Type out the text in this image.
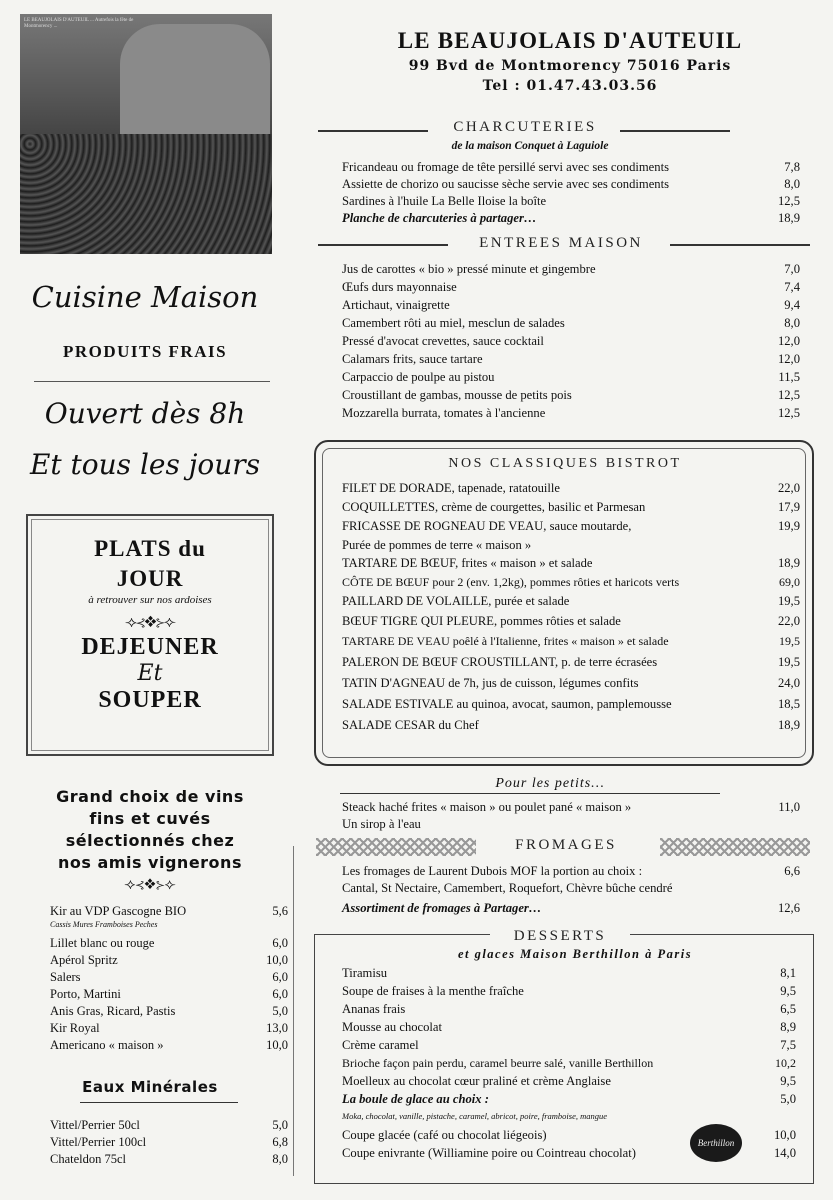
LE BEAUJOLAIS D'AUTEUIL ... Autrefois la fête de Montmorency ...
Cuisine Maison
PRODUITS FRAIS
Ouvert dès 8h
Et tous les jours
PLATS du
JOUR
à retrouver sur nos ardoises
⟢⊰❖⊱⟣
DEJEUNER
Et
SOUPER
Grand choix de vins
fins et cuvés
sélectionnés chez
nos amis vignerons
⟢⊰❖⊱⟣
Kir au VDP Gascogne BIO	5,6
Cassis Mures Framboises Peches
Lillet blanc ou rouge	6,0
Apérol Spritz	10,0
Salers	6,0
Porto, Martini	6,0
Anis Gras, Ricard, Pastis	5,0
Kir Royal	13,0
Americano « maison »	10,0
Eaux Minérales
Vittel/Perrier 50cl	5,0
Vittel/Perrier 100cl	6,8
Chateldon 75cl	8,0
LE BEAUJOLAIS D'AUTEUIL
99 Bvd de Montmorency 75016 Paris
Tel : 01.47.43.03.56
CHARCUTERIES
de la maison Conquet à Laguiole
Fricandeau ou fromage de tête persillé servi avec ses condiments	7,8
Assiette de chorizo ou saucisse sèche servie avec ses condiments	8,0
Sardines à l'huile La Belle Iloise la boîte	12,5
Planche de charcuteries à partager…	18,9
ENTREES MAISON
Jus de carottes « bio » pressé minute et gingembre	7,0
Œufs durs mayonnaise	7,4
Artichaut, vinaigrette	9,4
Camembert rôti au miel, mesclun de salades	8,0
Pressé d'avocat crevettes, sauce cocktail	12,0
Calamars frits, sauce tartare	12,0
Carpaccio de poulpe au pistou	11,5
Croustillant de gambas, mousse de petits pois	12,5
Mozzarella burrata, tomates à l'ancienne	12,5
NOS CLASSIQUES BISTROT
FILET DE DORADE, tapenade, ratatouille	22,0
COQUILLETTES, crème de courgettes, basilic et Parmesan	17,9
FRICASSE DE ROGNEAU DE VEAU, sauce moutarde,	19,9
Purée de pommes de terre « maison »
TARTARE DE BŒUF, frites « maison » et salade	18,9
CÔTE DE BŒUF pour 2 (env. 1,2kg), pommes rôties et haricots verts	69,0
PAILLARD DE VOLAILLE, purée et salade	19,5
BŒUF TIGRE QUI PLEURE, pommes rôties et salade	22,0
TARTARE DE VEAU poêlé à l'Italienne, frites « maison » et salade	19,5
PALERON DE BŒUF CROUSTILLANT, p. de terre écrasées	19,5
TATIN D'AGNEAU de 7h, jus de cuisson, légumes confits	24,0
SALADE ESTIVALE au quinoa, avocat, saumon, pamplemousse	18,5
SALADE CESAR du Chef	18,9
Pour les petits…
Steack haché frites « maison » ou poulet pané « maison »	11,0
Un sirop à l'eau
FROMAGES
Les fromages de Laurent Dubois MOF la portion au choix :	6,6
Cantal, St Nectaire, Camembert, Roquefort, Chèvre bûche cendré
Assortiment de fromages à Partager…	12,6
DESSERTS
et glaces Maison Berthillon à Paris
Tiramisu	8,1
Soupe de fraises à la menthe fraîche	9,5
Ananas frais	6,5
Mousse au chocolat	8,9
Crème caramel	7,5
Brioche façon pain perdu, caramel beurre salé, vanille Berthillon	10,2
Moelleux au chocolat cœur praliné et crème Anglaise	9,5
La boule de glace au choix :	5,0
Moka, chocolat, vanille, pistache, caramel, abricot, poire, framboise, mangue
Coupe glacée (café ou chocolat liégeois)	10,0
Coupe enivrante (Williamine poire ou Cointreau chocolat)	14,0
Berthillon
